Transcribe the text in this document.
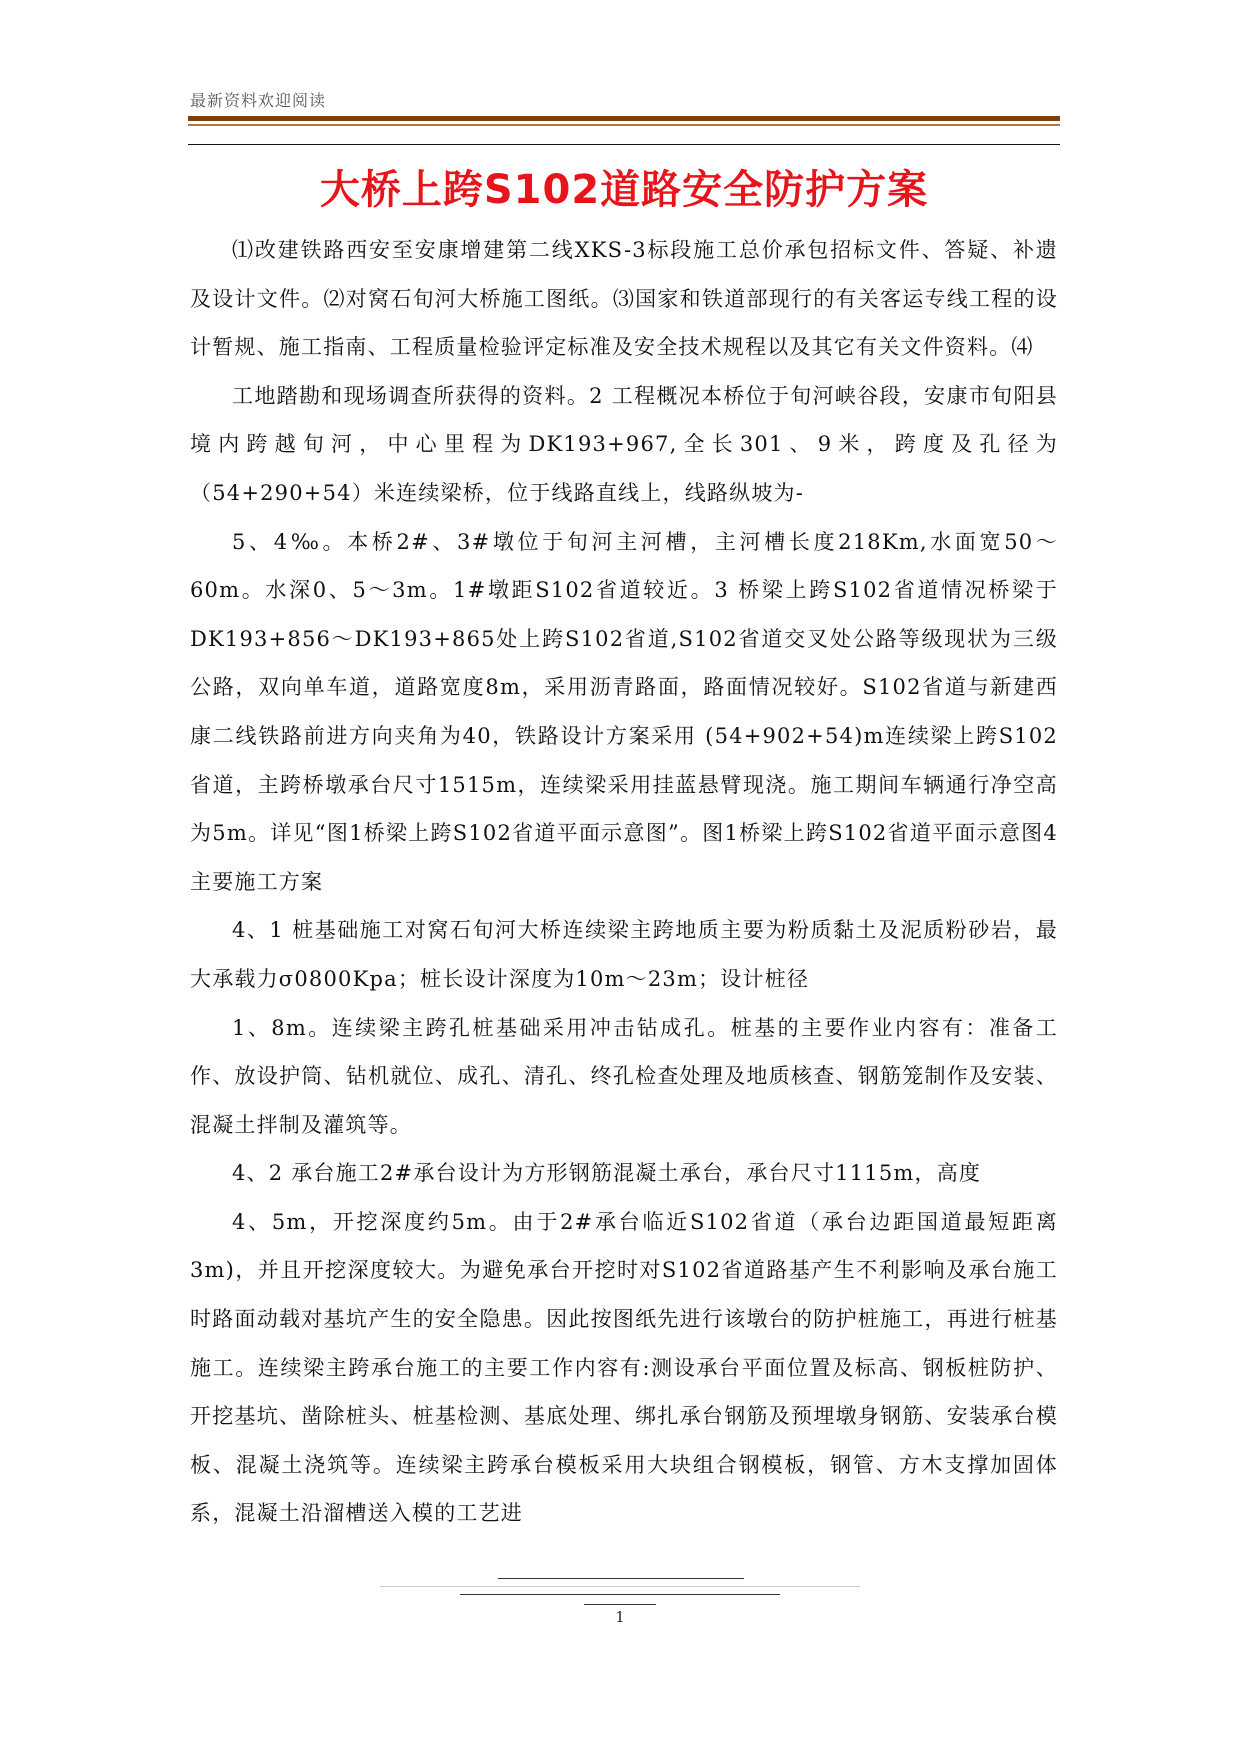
最新资料欢迎阅读
大桥上跨S102道路安全防护方案

⑴改建铁路西安至安康增建第二线XKS-3标段施工总价承包招标文件、答疑、补遗及设计文件。⑵对窝石旬河大桥施工图纸。⑶国家和铁道部现行的有关客运专线工程的设计暂规、施工指南、工程质量检验评定标准及安全技术规程以及其它有关文件资料。⑷

工地踏勘和现场调查所获得的资料。2 工程概况本桥位于旬河峡谷段，安康市旬阳县境内跨越旬河，中心里程为DK193+967,全长301、9米，跨度及孔径为（54+290+54）米连续梁桥，位于线路直线上，线路纵坡为-

5、4‰。本桥2#、3#墩位于旬河主河槽，主河槽长度218Km,水面宽50～60m。水深0、5～3m。1#墩距S102省道较近。3 桥梁上跨S102省道情况桥梁于DK193+856～DK193+865处上跨S102省道,S102省道交叉处公路等级现状为三级公路，双向单车道，道路宽度8m，采用沥青路面，路面情况较好。S102省道与新建西康二线铁路前进方向夹角为40，铁路设计方案采用 (54+902+54)m连续梁上跨S102省道，主跨桥墩承台尺寸1515m，连续梁采用挂蓝悬臂现浇。施工期间车辆通行净空高为5m。详见“图1桥梁上跨S102省道平面示意图”。图1桥梁上跨S102省道平面示意图4 主要施工方案

4、1 桩基础施工对窝石旬河大桥连续梁主跨地质主要为粉质黏土及泥质粉砂岩，最大承载力σ0800Kpa；桩长设计深度为10m～23m；设计桩径

1、8m。连续梁主跨孔桩基础采用冲击钻成孔。桩基的主要作业内容有：准备工作、放设护筒、钻机就位、成孔、清孔、终孔检查处理及地质核查、钢筋笼制作及安装、混凝土拌制及灌筑等。

4、2 承台施工2#承台设计为方形钢筋混凝土承台，承台尺寸1115m，高度

4、5m，开挖深度约5m。由于2#承台临近S102省道（承台边距国道最短距离3m)，并且开挖深度较大。为避免承台开挖时对S102省道路基产生不利影响及承台施工时路面动载对基坑产生的安全隐患。因此按图纸先进行该墩台的防护桩施工，再进行桩基施工。连续梁主跨承台施工的主要工作内容有:测设承台平面位置及标高、钢板桩防护、开挖基坑、凿除桩头、桩基检测、基底处理、绑扎承台钢筋及预埋墩身钢筋、安装承台模板、混凝土浇筑等。连续梁主跨承台模板采用大块组合钢模板，钢管、方木支撑加固体系，混凝土沿溜槽送入模的工艺进

1
